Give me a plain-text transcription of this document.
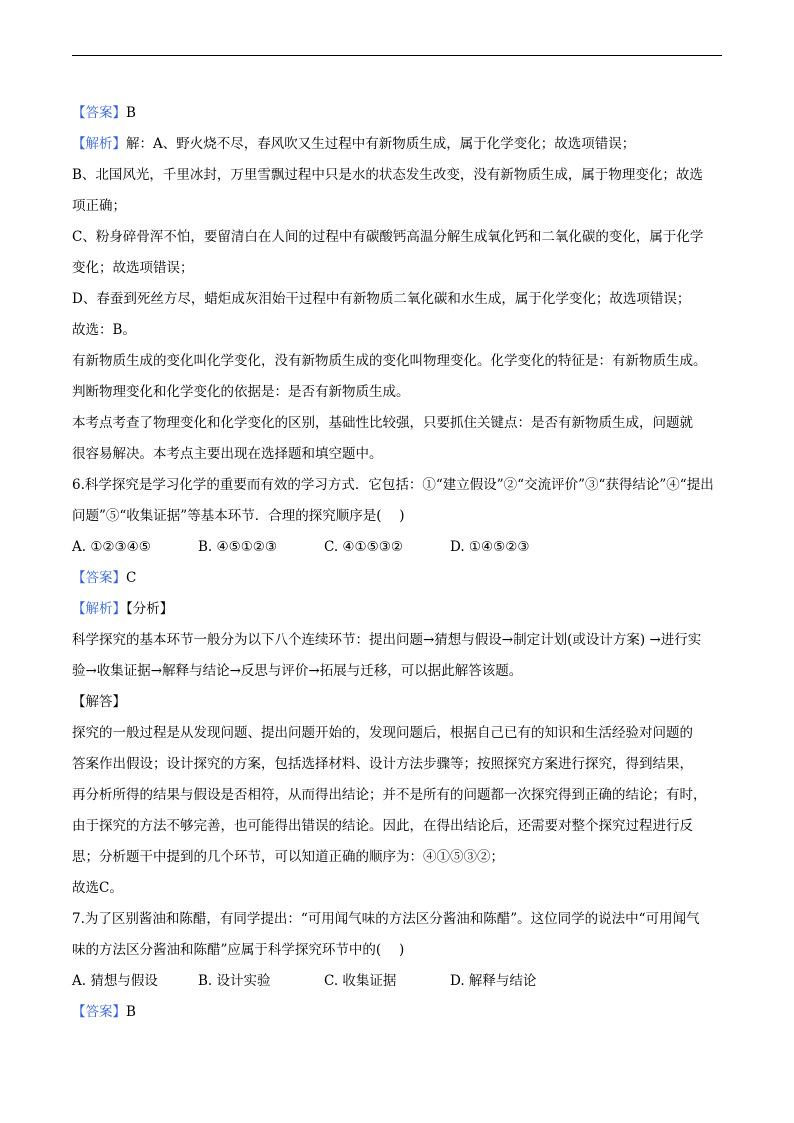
【答案】B
【解析】解：A、野火烧不尽，春风吹又生过程中有新物质生成，属于化学变化；故选项错误；
B、北国风光，千里冰封，万里雪飘过程中只是水的状态发生改变，没有新物质生成，属于物理变化；故选
项正确；
C、粉身碎骨浑不怕，要留清白在人间的过程中有碳酸钙高温分解生成氧化钙和二氧化碳的变化，属于化学
变化；故选项错误；
D、春蚕到死丝方尽，蜡炬成灰泪始干过程中有新物质二氧化碳和水生成，属于化学变化；故选项错误；
故选：B。
有新物质生成的变化叫化学变化，没有新物质生成的变化叫物理变化。化学变化的特征是：有新物质生成。
判断物理变化和化学变化的依据是：是否有新物质生成。
本考点考查了物理变化和化学变化的区别，基础性比较强，只要抓住关键点：是否有新物质生成，问题就
很容易解决。本考点主要出现在选择题和填空题中。
6.科学探究是学习化学的重要而有效的学习方式．它包括：①“建立假设”②“交流评价”③“获得结论”④“提出
问题”⑤“收集证据”等基本环节．合理的探究顺序是(　 )
A. ①②③④⑤	B. ④⑤①②③	C. ④①⑤③②	D. ①④⑤②③
【答案】C
【解析】【分析】
科学探究的基本环节一般分为以下八个连续环节：提出问题→猜想与假设→制定计划(或设计方案) →进行实
验→收集证据→解释与结论→反思与评价→拓展与迁移，可以据此解答该题。
【解答】
探究的一般过程是从发现问题、提出问题开始的，发现问题后，根据自己已有的知识和生活经验对问题的
答案作出假设；设计探究的方案，包括选择材料、设计方法步骤等；按照探究方案进行探究，得到结果，
再分析所得的结果与假设是否相符，从而得出结论；并不是所有的问题都一次探究得到正确的结论；有时，
由于探究的方法不够完善，也可能得出错误的结论。因此，在得出结论后，还需要对整个探究过程进行反
思；分析题干中提到的几个环节，可以知道正确的顺序为：④①⑤③②；
故选C。
7.为了区别酱油和陈醋，有同学提出：“可用闻气味的方法区分酱油和陈醋”。这位同学的说法中“可用闻气
味的方法区分酱油和陈醋”应属于科学探究环节中的(　 )
A. 猜想与假设	B. 设计实验	C. 收集证据	D. 解释与结论
【答案】B
